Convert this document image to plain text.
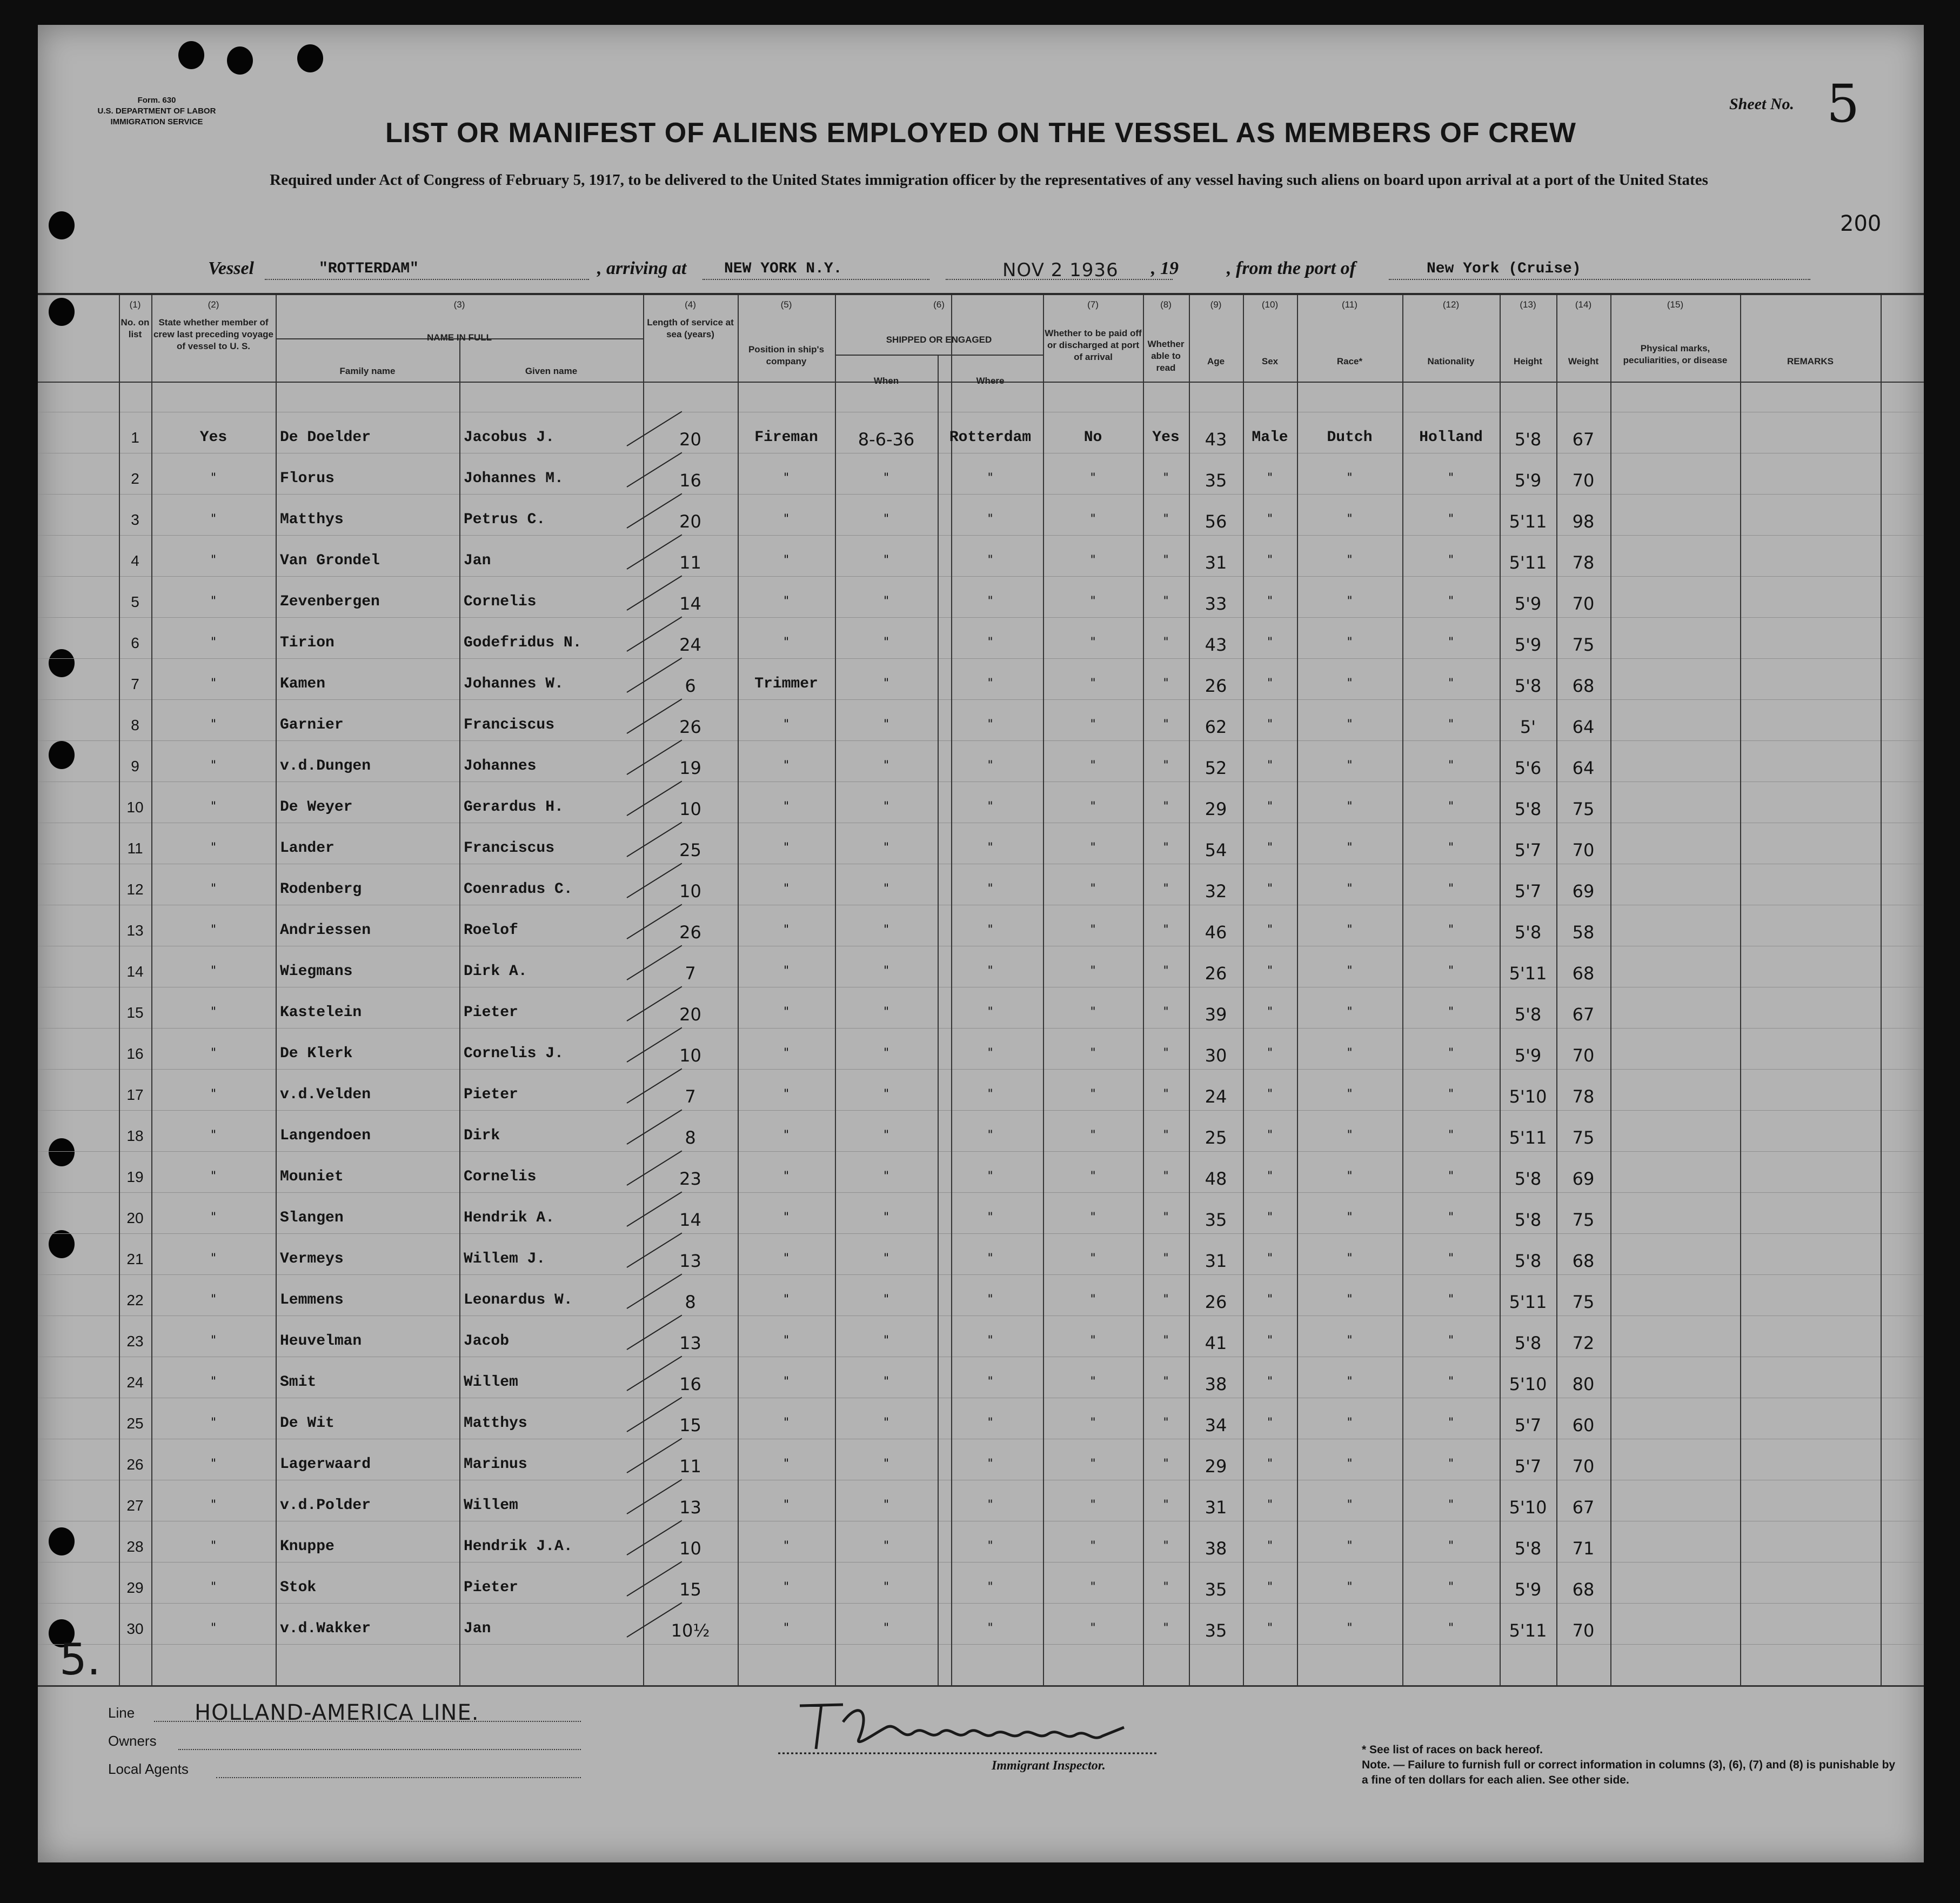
Form. 630
U.S. DEPARTMENT OF LABOR
IMMIGRATION SERVICE
Sheet No. 5
LIST OR MANIFEST OF ALIENS EMPLOYED ON THE VESSEL AS MEMBERS OF CREW
Required under Act of Congress of February 5, 1917, to be delivered to the United States immigration officer by the representatives of any vessel having such aliens on board upon arrival at a port of the United States
200
Vessel	"ROTTERDAM"	, arriving at NEW YORK N.Y.	NOV 2 1936 , 19	, from the port of	New York (Cruise)
(1)	(2)	(3)	(4)	(5)	(6)	(7)	(8)	(9)	(10)	(11)	(12)	(13)	(14)	(15)
No. on list
State whether member of crew last preceding voyage of vessel to U. S.
NAME IN FULL
Family name	Given name
Length of service at sea (years)
Position in ship's company
SHIPPED OR ENGAGED
When	Where
Whether to be paid off or discharged at port of arrival
Whether able to read
Age	Sex	Race*	Nationality	Height	Weight
Physical marks, peculiarities, or disease	REMARKS
1	Yes	De Doelder	Jacobus J.	20	Fireman	8-6-36	Rotterdam	No	Yes	43	Male	Dutch	Holland	5'8	67
2	"	Florus	Johannes M.	16	"	"	"	"	"	35	"	"	"	5'9	70
3	"	Matthys	Petrus C.	20	"	"	"	"	"	56	"	"	"	5'11	98
4	"	Van Grondel	Jan	11	"	"	"	"	"	31	"	"	"	5'11	78
5	"	Zevenbergen	Cornelis	14	"	"	"	"	"	33	"	"	"	5'9	70
6	"	Tirion	Godefridus N.	24	"	"	"	"	"	43	"	"	"	5'9	75
7	"	Kamen	Johannes W.	6	Trimmer	"	"	"	"	26	"	"	"	5'8	68
8	"	Garnier	Franciscus	26	"	"	"	"	"	62	"	"	"	5'	64
9	"	v.d.Dungen	Johannes	19	"	"	"	"	"	52	"	"	"	5'6	64
10	"	De Weyer	Gerardus H.	10	"	"	"	"	"	29	"	"	"	5'8	75
11	"	Lander	Franciscus	25	"	"	"	"	"	54	"	"	"	5'7	70
12	"	Rodenberg	Coenradus C.	10	"	"	"	"	"	32	"	"	"	5'7	69
13	"	Andriessen	Roelof	26	"	"	"	"	"	46	"	"	"	5'8	58
14	"	Wiegmans	Dirk A.	7	"	"	"	"	"	26	"	"	"	5'11	68
15	"	Kastelein	Pieter	20	"	"	"	"	"	39	"	"	"	5'8	67
16	"	De Klerk	Cornelis J.	10	"	"	"	"	"	30	"	"	"	5'9	70
17	"	v.d.Velden	Pieter	7	"	"	"	"	"	24	"	"	"	5'10	78
18	"	Langendoen	Dirk	8	"	"	"	"	"	25	"	"	"	5'11	75
19	"	Mouniet	Cornelis	23	"	"	"	"	"	48	"	"	"	5'8	69
20	"	Slangen	Hendrik A.	14	"	"	"	"	"	35	"	"	"	5'8	75
21	"	Vermeys	Willem J.	13	"	"	"	"	"	31	"	"	"	5'8	68
22	"	Lemmens	Leonardus W.	8	"	"	"	"	"	26	"	"	"	5'11	75
23	"	Heuvelman	Jacob	13	"	"	"	"	"	41	"	"	"	5'8	72
24	"	Smit	Willem	16	"	"	"	"	"	38	"	"	"	5'10	80
25	"	De Wit	Matthys	15	"	"	"	"	"	34	"	"	"	5'7	60
26	"	Lagerwaard	Marinus	11	"	"	"	"	"	29	"	"	"	5'7	70
27	"	v.d.Polder	Willem	13	"	"	"	"	"	31	"	"	"	5'10	67
28	"	Knuppe	Hendrik J.A.	10	"	"	"	"	"	38	"	"	"	5'8	71
29	"	Stok	Pieter	15	"	"	"	"	"	35	"	"	"	5'9	68
30	"	v.d.Wakker	Jan	10½	"	"	"	"	"	35	"	"	"	5'11	70
5.
Line	HOLLAND-AMERICA LINE.
Owners
Local Agents	Immigrant Inspector.
* See list of races on back hereof.
Note. — Failure to furnish full or correct information in columns (3), (6), (7) and (8) is punishable by a fine of ten dollars for each alien. See other side.
